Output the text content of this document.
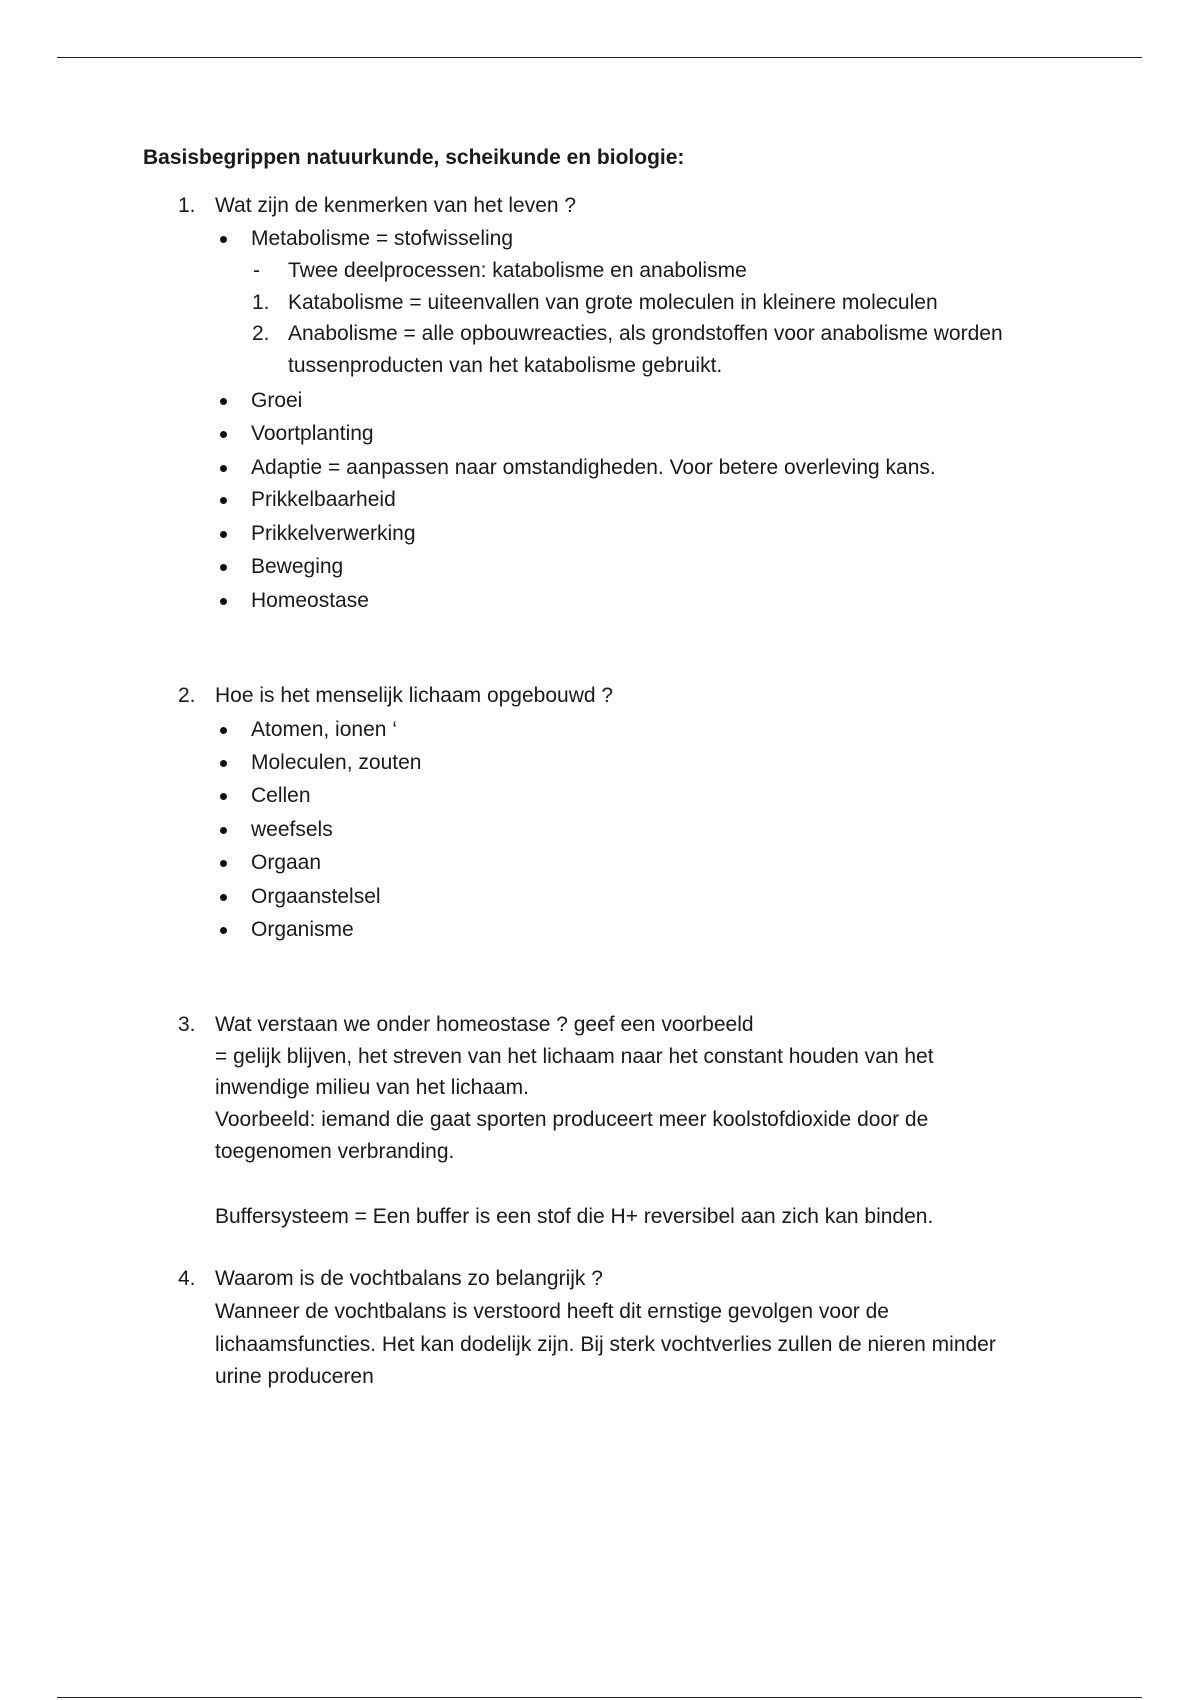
Basisbegrippen natuurkunde, scheikunde en biologie:
1. Wat zijn de kenmerken van het leven ?
Metabolisme = stofwisseling
- Twee deelprocessen: katabolisme en anabolisme
1. Katabolisme = uiteenvallen van grote moleculen in kleinere moleculen
2. Anabolisme = alle opbouwreacties, als grondstoffen voor anabolisme worden
tussenproducten van het katabolisme gebruikt.
Groei
Voortplanting
Adaptie = aanpassen naar omstandigheden. Voor betere overleving kans.
Prikkelbaarheid
Prikkelverwerking
Beweging
Homeostase
2. Hoe is het menselijk lichaam opgebouwd ?
Atomen, ionen ‘
Moleculen, zouten
Cellen
weefsels
Orgaan
Orgaanstelsel
Organisme
3. Wat verstaan we onder homeostase ? geef een voorbeeld
= gelijk blijven, het streven van het lichaam naar het constant houden van het
inwendige milieu van het lichaam.
Voorbeeld: iemand die gaat sporten produceert meer koolstofdioxide door de
toegenomen verbranding.
Buffersysteem = Een buffer is een stof die H+ reversibel aan zich kan binden.
4. Waarom is de vochtbalans zo belangrijk ?
Wanneer de vochtbalans is verstoord heeft dit ernstige gevolgen voor de
lichaamsfuncties. Het kan dodelijk zijn. Bij sterk vochtverlies zullen de nieren minder
urine produceren
